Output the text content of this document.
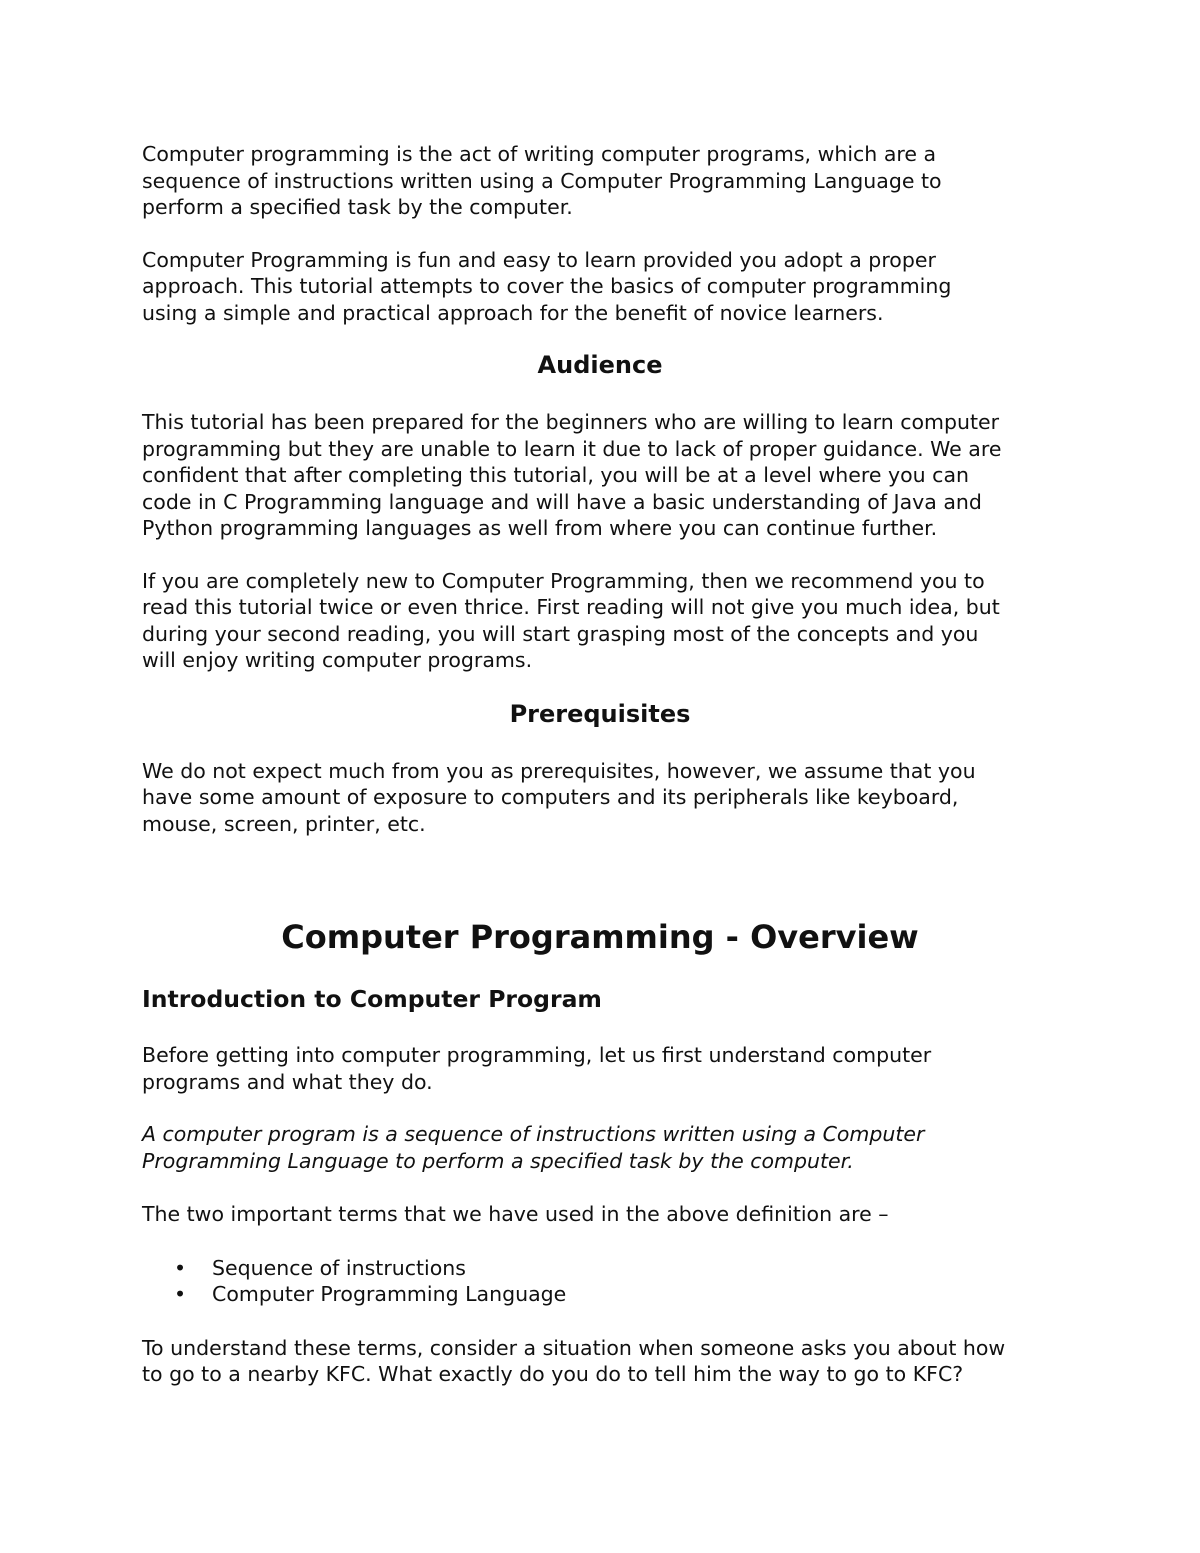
Computer programming is the act of writing computer programs, which are a
sequence of instructions written using a Computer Programming Language to
perform a specified task by the computer.

Computer Programming is fun and easy to learn provided you adopt a proper
approach. This tutorial attempts to cover the basics of computer programming
using a simple and practical approach for the benefit of novice learners.

Audience

This tutorial has been prepared for the beginners who are willing to learn computer
programming but they are unable to learn it due to lack of proper guidance. We are
confident that after completing this tutorial, you will be at a level where you can
code in C Programming language and will have a basic understanding of Java and
Python programming languages as well from where you can continue further.

If you are completely new to Computer Programming, then we recommend you to
read this tutorial twice or even thrice. First reading will not give you much idea, but
during your second reading, you will start grasping most of the concepts and you
will enjoy writing computer programs.

Prerequisites

We do not expect much from you as prerequisites, however, we assume that you
have some amount of exposure to computers and its peripherals like keyboard,
mouse, screen, printer, etc.

Computer Programming - Overview
Introduction to Computer Program

Before getting into computer programming, let us first understand computer
programs and what they do.

A computer program is a sequence of instructions written using a Computer
Programming Language to perform a specified task by the computer.

The two important terms that we have used in the above definition are –

• Sequence of instructions
• Computer Programming Language

To understand these terms, consider a situation when someone asks you about how
to go to a nearby KFC. What exactly do you do to tell him the way to go to KFC?
